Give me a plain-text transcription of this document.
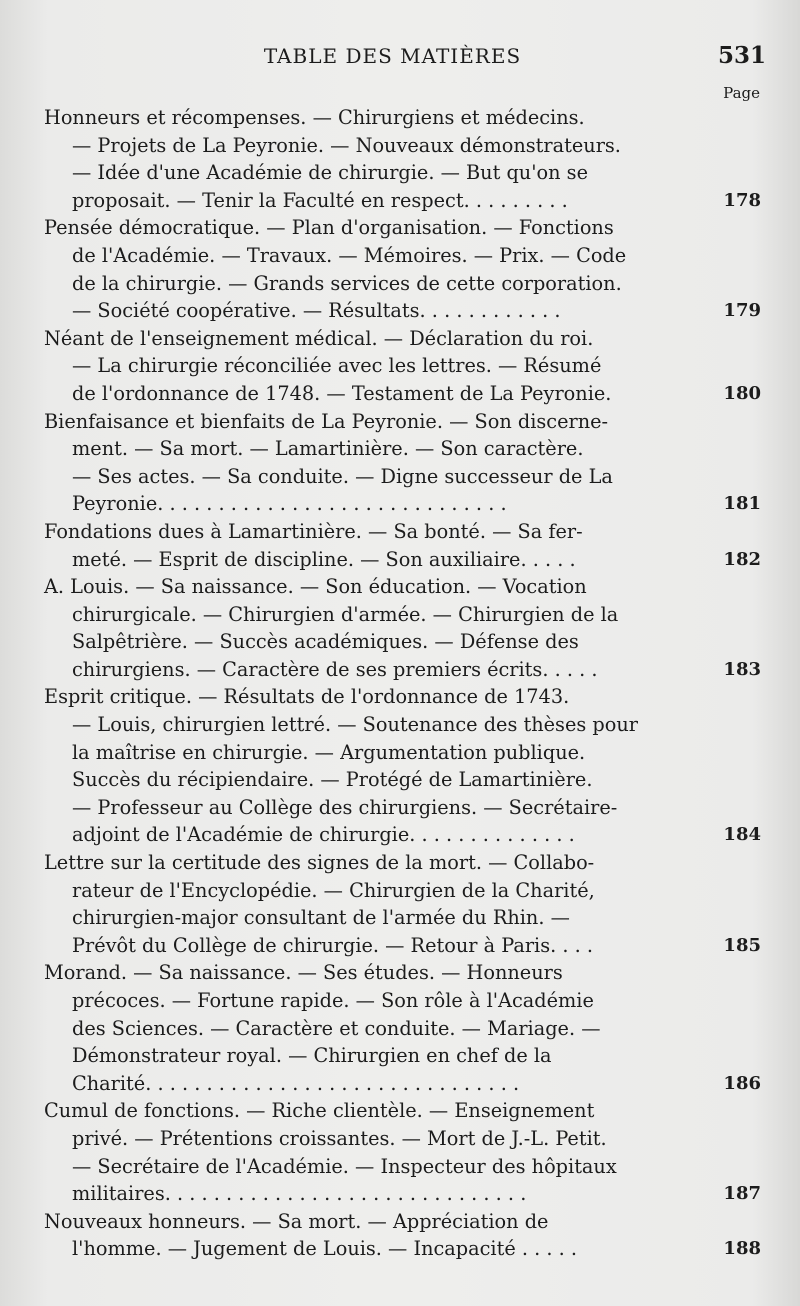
TABLE DES MATIÈRES	531
Page
Honneurs et récompenses. — Chirurgiens et médecins.
— Projets de La Peyronie. — Nouveaux démonstrateurs.
— Idée d'une Académie de chirurgie. — But qu'on se
proposait. — Tenir la Faculté en respect. . . . . . . . .	178
Pensée démocratique. — Plan d'organisation. — Fonctions
de l'Académie. — Travaux. — Mémoires. — Prix. — Code
de la chirurgie. — Grands services de cette corporation.
— Société coopérative. — Résultats. . . . . . . . . . . .	179
Néant de l'enseignement médical. — Déclaration du roi.
— La chirurgie réconciliée avec les lettres. — Résumé
de l'ordonnance de 1748. — Testament de La Peyronie.	180
Bienfaisance et bienfaits de La Peyronie. — Son discerne-
ment. — Sa mort. — Lamartinière. — Son caractère.
— Ses actes. — Sa conduite. — Digne successeur de La
Peyronie. . . . . . . . . . . . . . . . . . . . . . . . . . . . .	181
Fondations dues à Lamartinière. — Sa bonté. — Sa fer-
meté. — Esprit de discipline. — Son auxiliaire. . . . .	182
A. Louis. — Sa naissance. — Son éducation. — Vocation
chirurgicale. — Chirurgien d'armée. — Chirurgien de la
Salpêtrière. — Succès académiques. — Défense des
chirurgiens. — Caractère de ses premiers écrits. . . . .	183
Esprit critique. — Résultats de l'ordonnance de 1743.
— Louis, chirurgien lettré. — Soutenance des thèses pour
la maîtrise en chirurgie. — Argumentation publique.
Succès du récipiendaire. — Protégé de Lamartinière.
— Professeur au Collège des chirurgiens. — Secrétaire-
adjoint de l'Académie de chirurgie. . . . . . . . . . . . . .	184
Lettre sur la certitude des signes de la mort. — Collabo-
rateur de l'Encyclopédie. — Chirurgien de la Charité,
chirurgien-major consultant de l'armée du Rhin. —
Prévôt du Collège de chirurgie. — Retour à Paris. . . .	185
Morand. — Sa naissance. — Ses études. — Honneurs
précoces. — Fortune rapide. — Son rôle à l'Académie
des Sciences. — Caractère et conduite. — Mariage. —
Démonstrateur royal. — Chirurgien en chef de la
Charité. . . . . . . . . . . . . . . . . . . . . . . . . . . . . . .	186
Cumul de fonctions. — Riche clientèle. — Enseignement
privé. — Prétentions croissantes. — Mort de J.-L. Petit.
— Secrétaire de l'Académie. — Inspecteur des hôpitaux
militaires. . . . . . . . . . . . . . . . . . . . . . . . . . . . . .	187
Nouveaux honneurs. — Sa mort. — Appréciation de
l'homme. — Jugement de Louis. — Incapacité . . . . .	188
